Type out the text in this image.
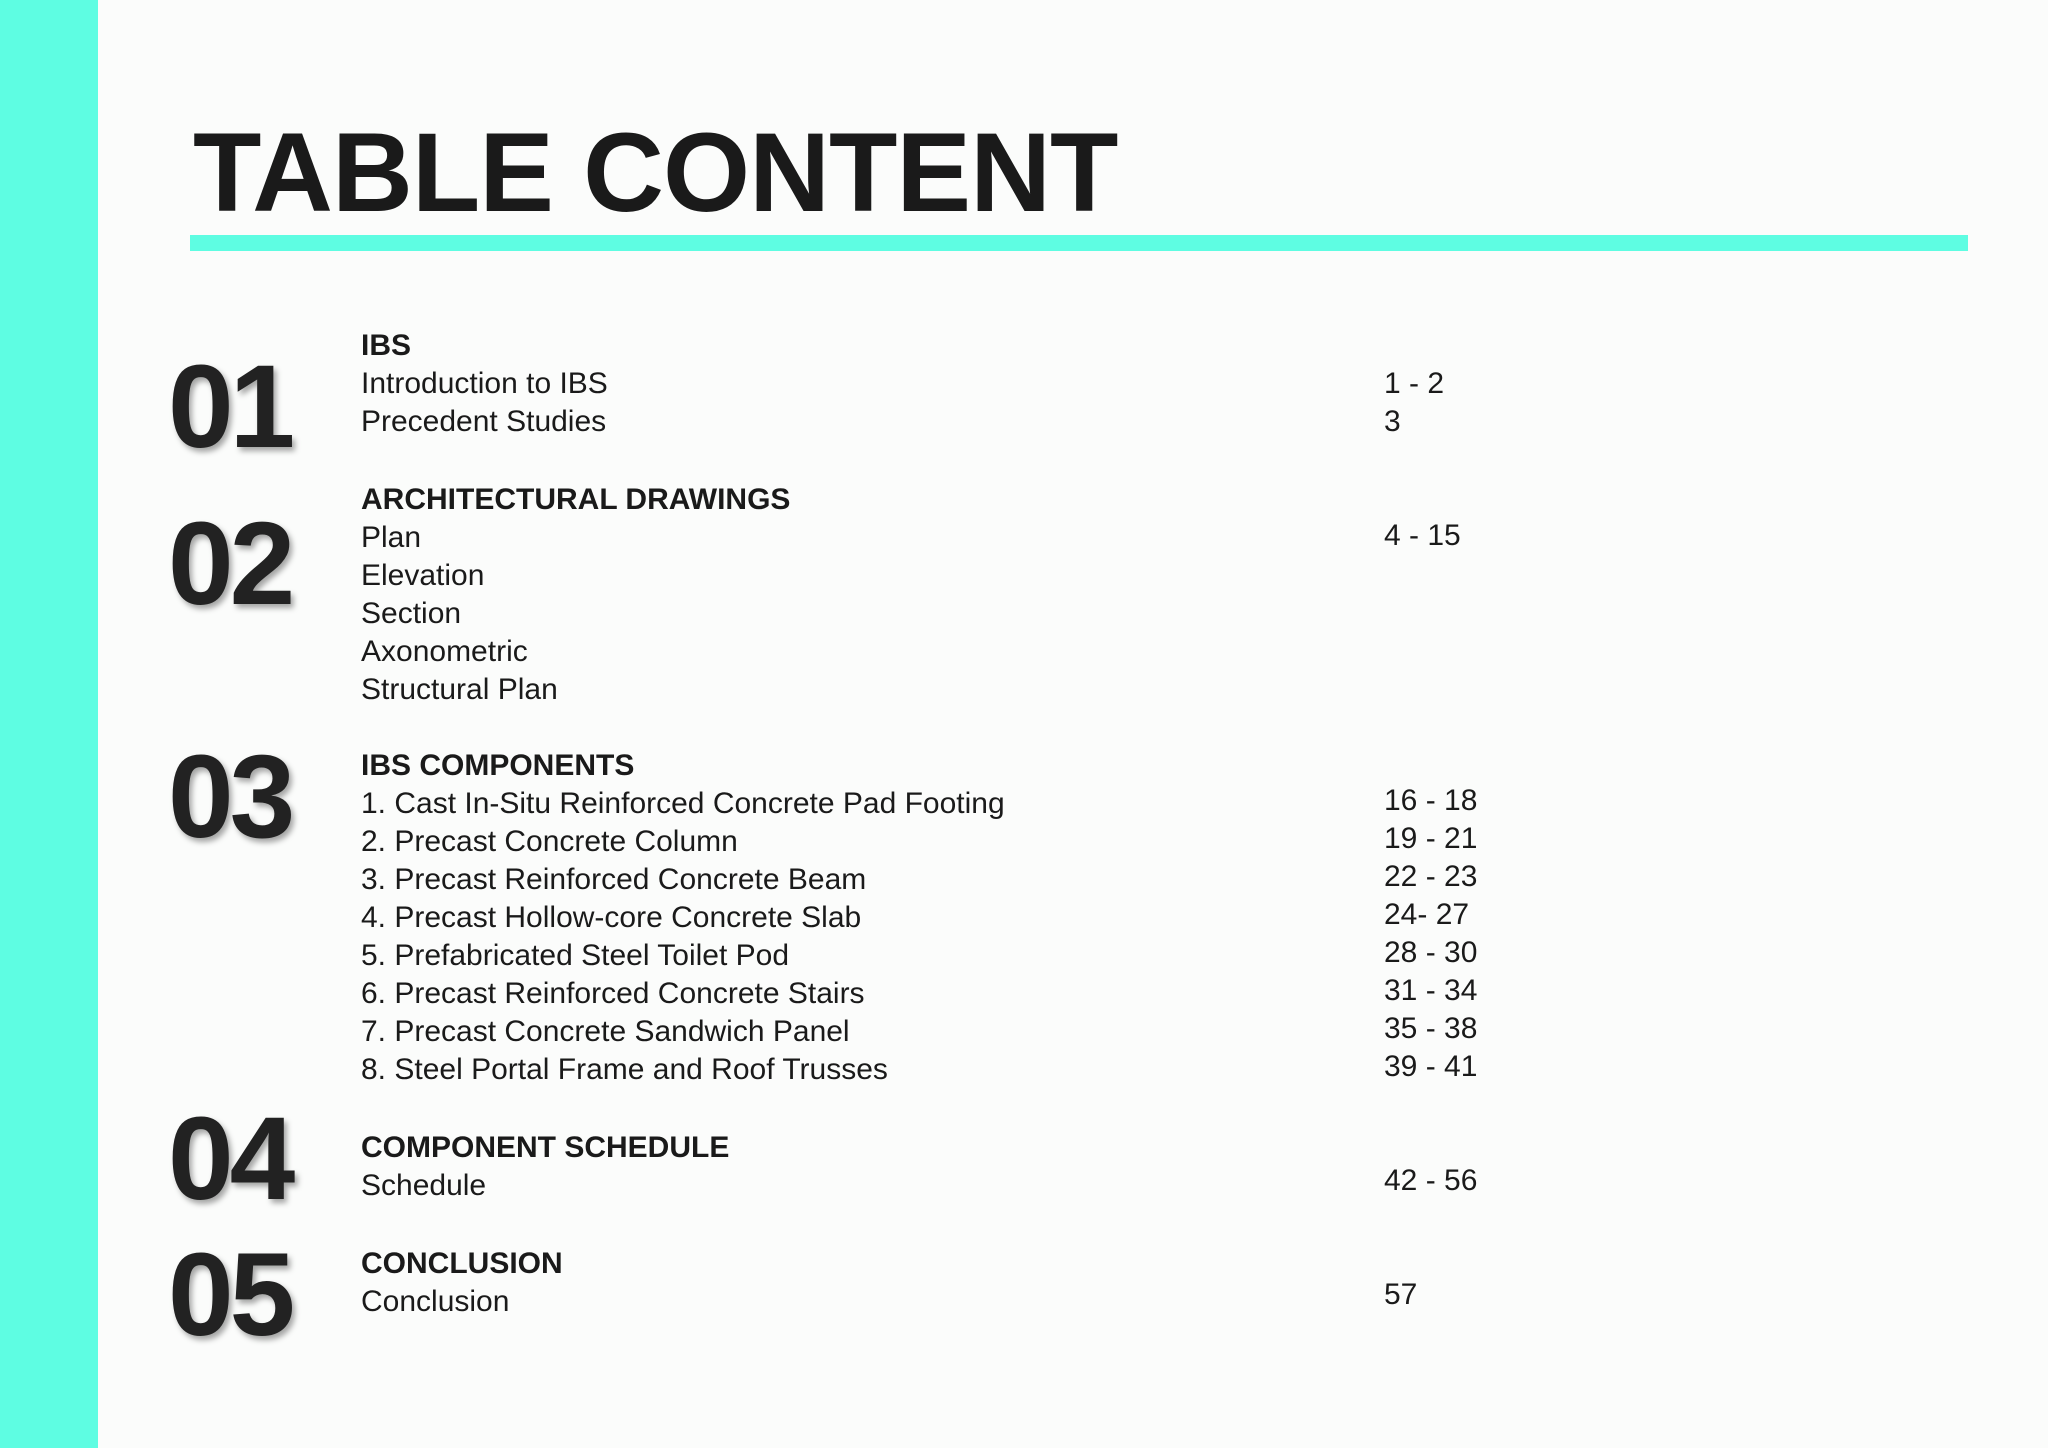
TABLE CONTENT
01 IBS
Introduction to IBS	1 - 2
Precedent Studies	3
02 ARCHITECTURAL DRAWINGS
Plan	4 - 15
Elevation
Section
Axonometric
Structural Plan
03 IBS COMPONENTS
1. Cast In-Situ Reinforced Concrete Pad Footing	16 - 18
2. Precast Concrete Column	19 - 21
3. Precast Reinforced Concrete Beam	22 - 23
4. Precast Hollow-core Concrete Slab	24- 27
5. Prefabricated Steel Toilet Pod	28 - 30
6. Precast Reinforced Concrete Stairs	31 - 34
7. Precast Concrete Sandwich Panel	35 - 38
8. Steel Portal Frame and Roof Trusses	39 - 41
04 COMPONENT SCHEDULE
Schedule	42 - 56
05 CONCLUSION
Conclusion	57
